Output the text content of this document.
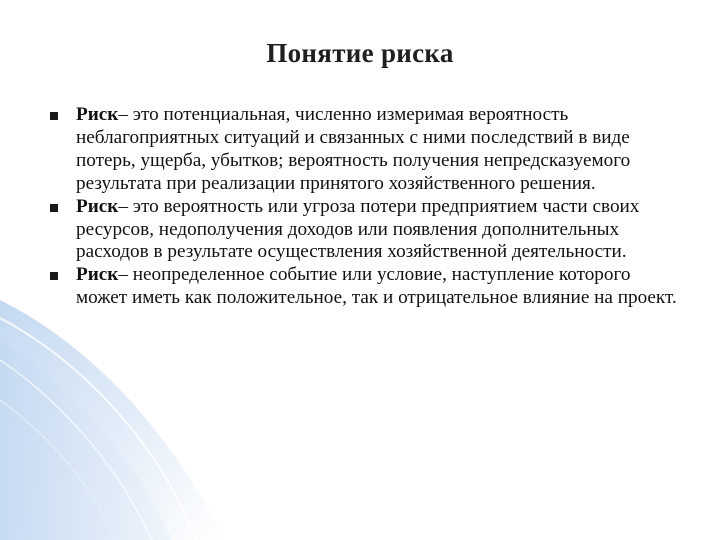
Понятие риска
Риск– это потенциальная, численно измеримая вероятность неблагоприятных ситуаций и связанных с ними последствий в виде потерь, ущерба, убытков; вероятность получения непредсказуемого результата при реализации принятого хозяйственного решения.
Риск– это вероятность или угроза потери предприятием части своих ресурсов, недополучения доходов или появления дополнительных расходов в результате осуществления хозяйственной деятельности.
Риск– неопределенное событие или условие, наступление которого может иметь как положительное, так и отрицательное влияние на проект.
